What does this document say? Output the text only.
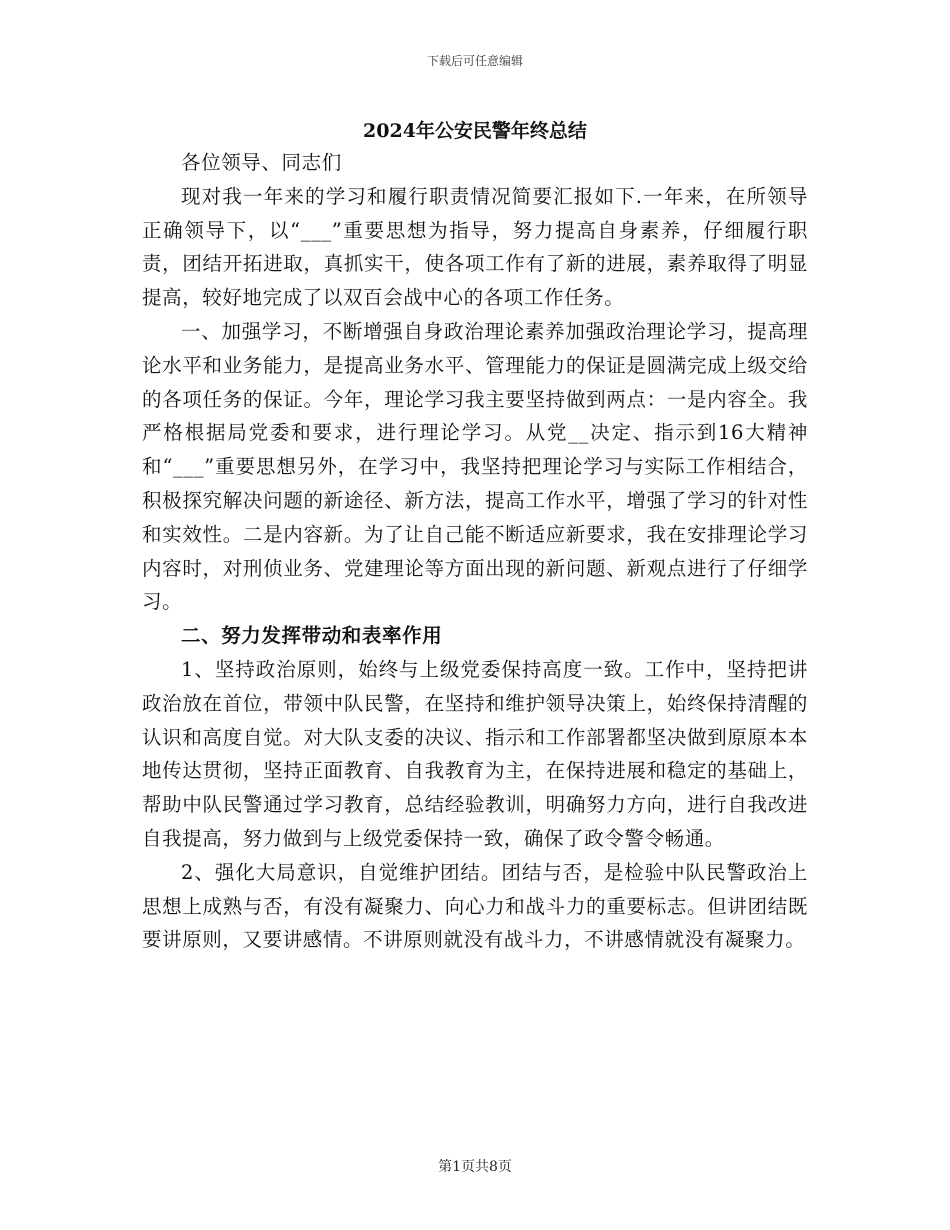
下载后可任意编辑
2024年公安民警年终总结

各位领导、同志们

现对我一年来的学习和履行职责情况简要汇报如下.一年来，在所领导正确领导下，以“___”重要思想为指导，努力提高自身素养，仔细履行职责，团结开拓进取，真抓实干，使各项工作有了新的进展，素养取得了明显提高，较好地完成了以双百会战中心的各项工作任务。

一、加强学习，不断增强自身政治理论素养加强政治理论学习，提高理论水平和业务能力，是提高业务水平、管理能力的保证是圆满完成上级交给的各项任务的保证。今年，理论学习我主要坚持做到两点：一是内容全。我严格根据局党委和要求，进行理论学习。从党__决定、指示到16大精神和“___”重要思想另外，在学习中，我坚持把理论学习与实际工作相结合，积极探究解决问题的新途径、新方法，提高工作水平，增强了学习的针对性和实效性。二是内容新。为了让自己能不断适应新要求，我在安排理论学习内容时，对刑侦业务、党建理论等方面出现的新问题、新观点进行了仔细学习。

二、努力发挥带动和表率作用

1、坚持政治原则，始终与上级党委保持高度一致。工作中，坚持把讲政治放在首位，带领中队民警，在坚持和维护领导决策上，始终保持清醒的认识和高度自觉。对大队支委的决议、指示和工作部署都坚决做到原原本本地传达贯彻，坚持正面教育、自我教育为主，在保持进展和稳定的基础上，帮助中队民警通过学习教育，总结经验教训，明确努力方向，进行自我改进自我提高，努力做到与上级党委保持一致，确保了政令警令畅通。

2、强化大局意识，自觉维护团结。团结与否，是检验中队民警政治上思想上成熟与否，有没有凝聚力、向心力和战斗力的重要标志。但讲团结既要讲原则，又要讲感情。不讲原则就没有战斗力，不讲感情就没有凝聚力。

第1页共8页
